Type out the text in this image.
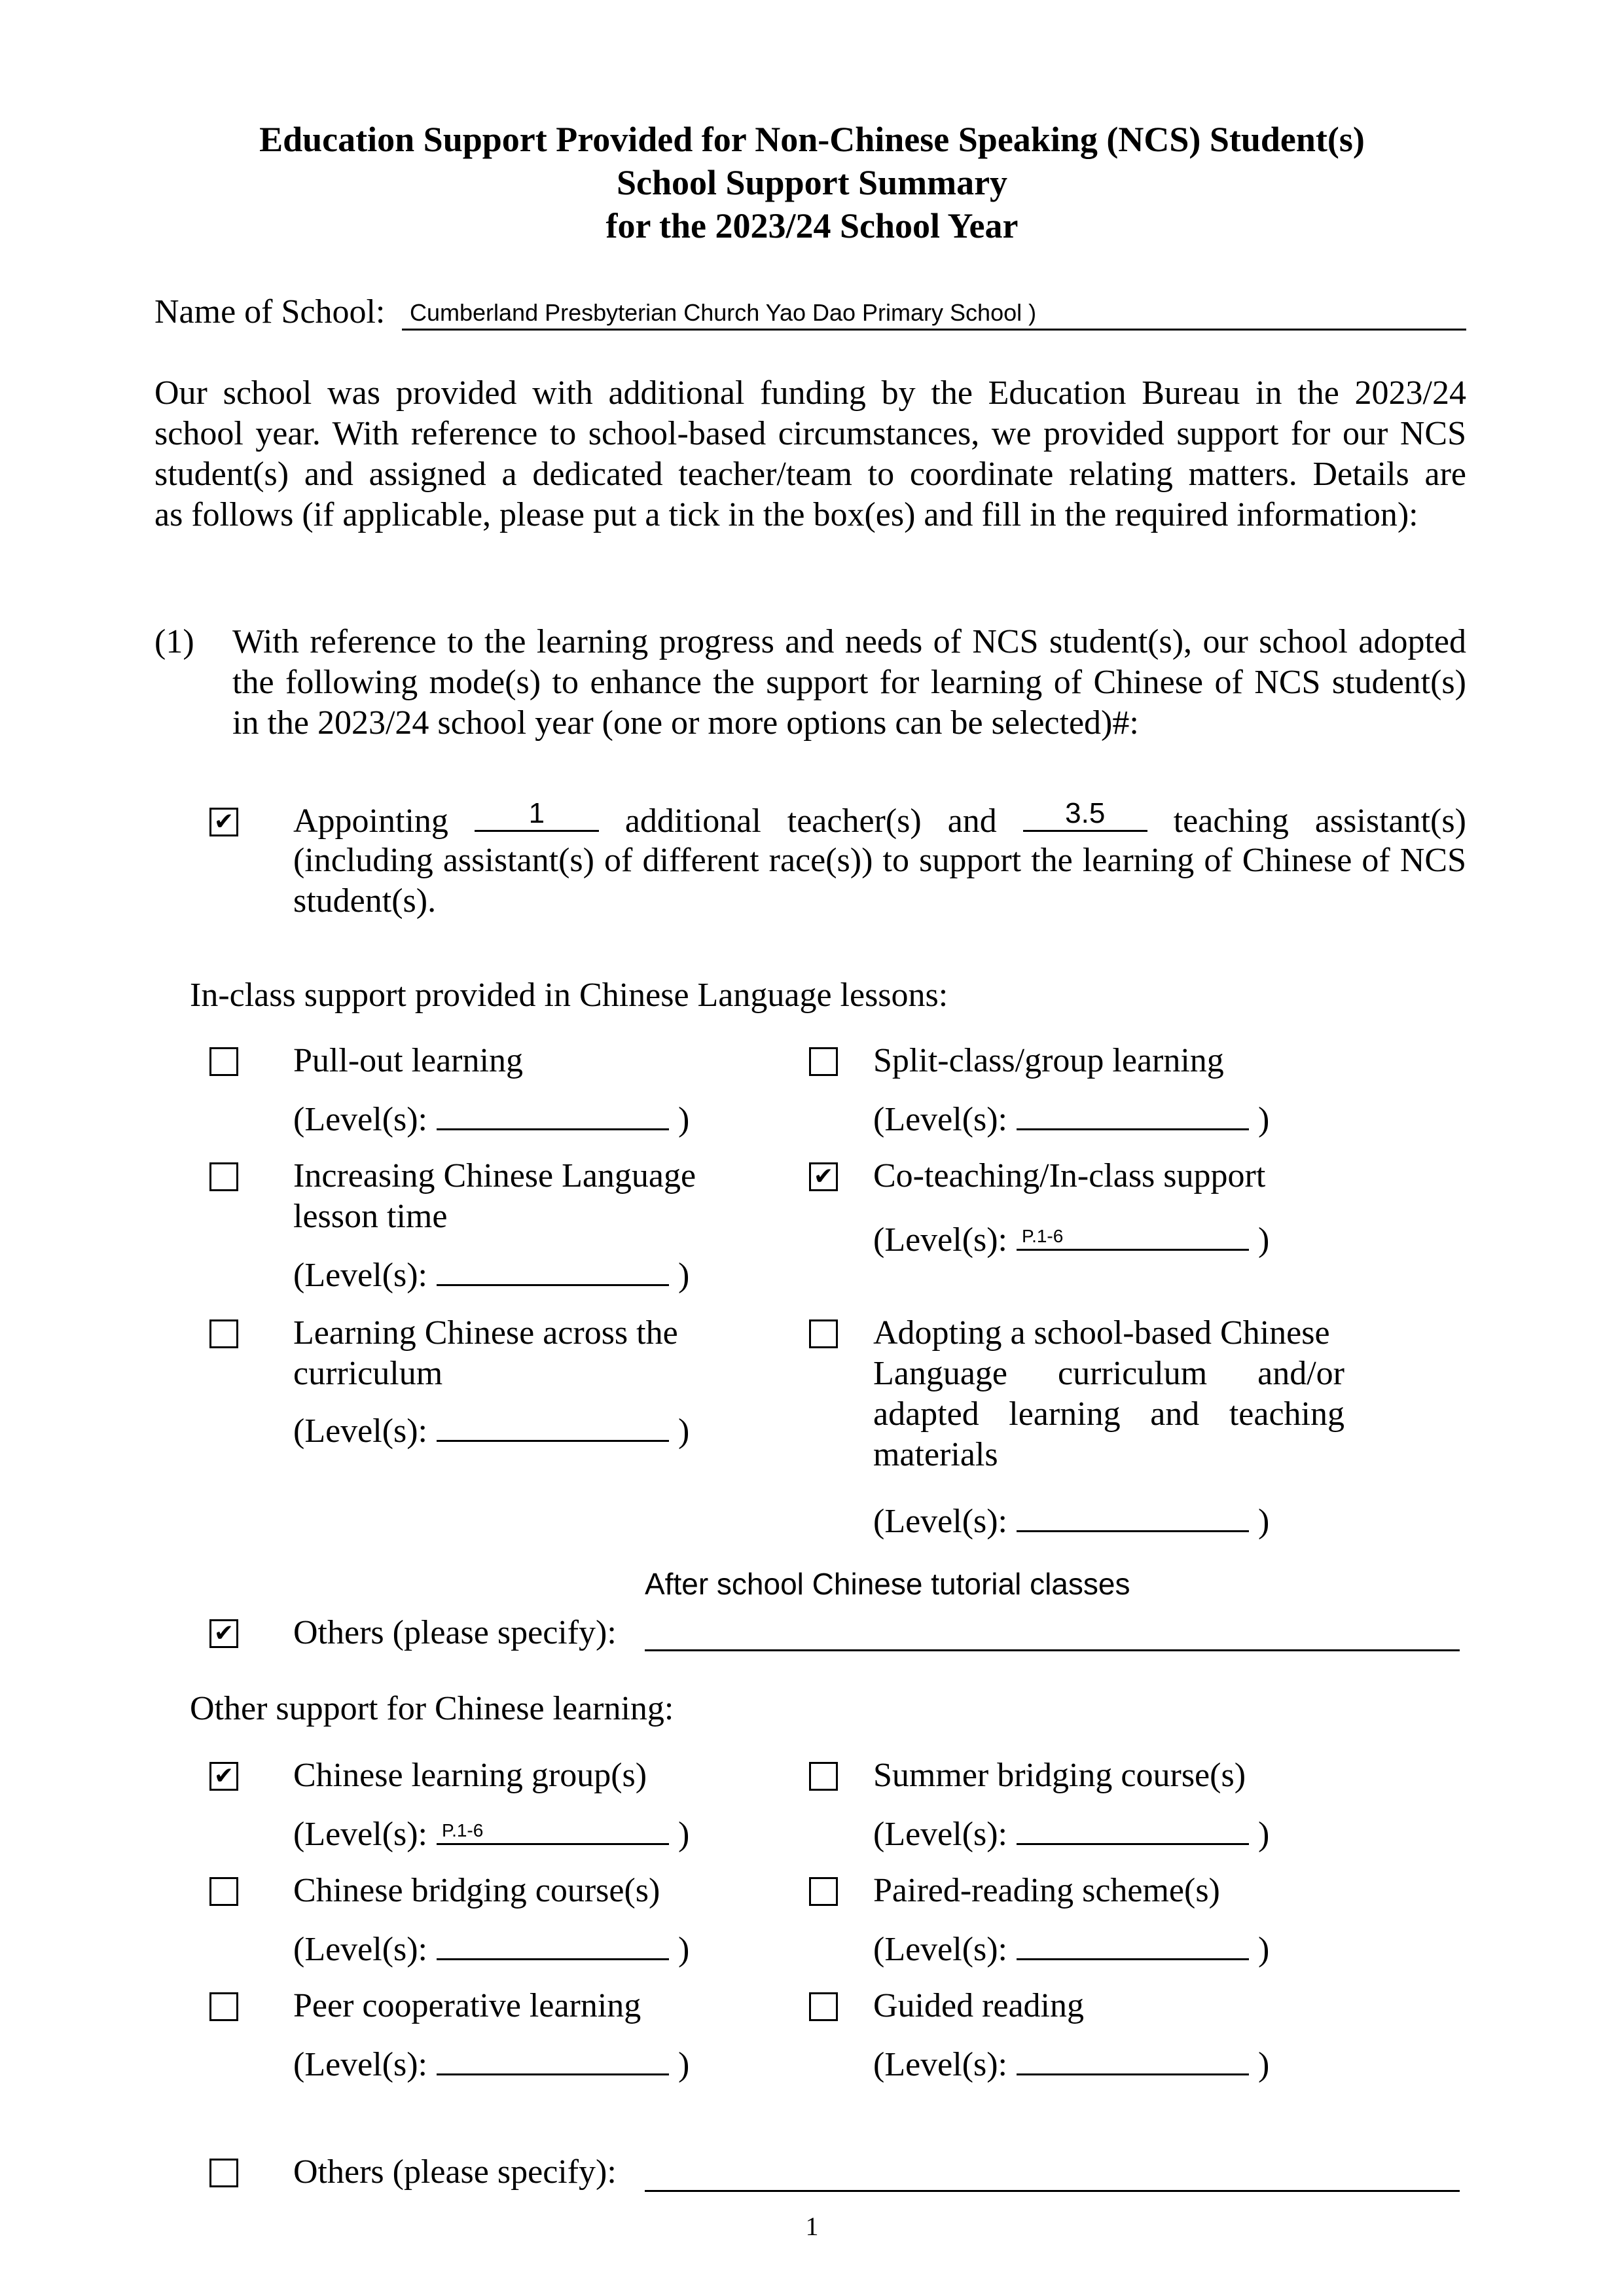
Education Support Provided for Non-Chinese Speaking (NCS) Student(s)
School Support Summary
for the 2023/24 School Year
Name of School: Cumberland Presbyterian Church Yao Dao Primary School )
Our school was provided with additional funding by the Education Bureau in the 2023/24
school year. With reference to school-based circumstances, we provided support for our NCS
student(s) and assigned a dedicated teacher/team to coordinate relating matters. Details are
as follows (if applicable, please put a tick in the box(es) and fill in the required information):
(1) With reference to the learning progress and needs of NCS student(s), our school adopted
the following mode(s) to enhance the support for learning of Chinese of NCS student(s)
in the 2023/24 school year (one or more options can be selected)#:
✔ Appointing	1	additional teacher(s) and	3.5	teaching assistant(s)
(including assistant(s) of different race(s)) to support the learning of Chinese of NCS
student(s).
In-class support provided in Chinese Language lessons:
Pull-out learning
(Level(s):	)
Increasing Chinese Language
lesson time
(Level(s):	)
Learning Chinese across the
curriculum
(Level(s):	)
Split-class/group learning
(Level(s):	)
✔ Co-teaching/In-class support
(Level(s): P.1-6	)
Adopting a school-based Chinese
Language curriculum and/or
adapted learning and teaching
materials
(Level(s):	)
After school Chinese tutorial classes
✔ Others (please specify):
Other support for Chinese learning:
✔ Chinese learning group(s)
(Level(s): P.1-6	)
Chinese bridging course(s)
(Level(s):	)
Peer cooperative learning
(Level(s):	)
Summer bridging course(s)
(Level(s):	)
Paired-reading scheme(s)
(Level(s):	)
Guided reading
(Level(s):	)
Others (please specify):
1
